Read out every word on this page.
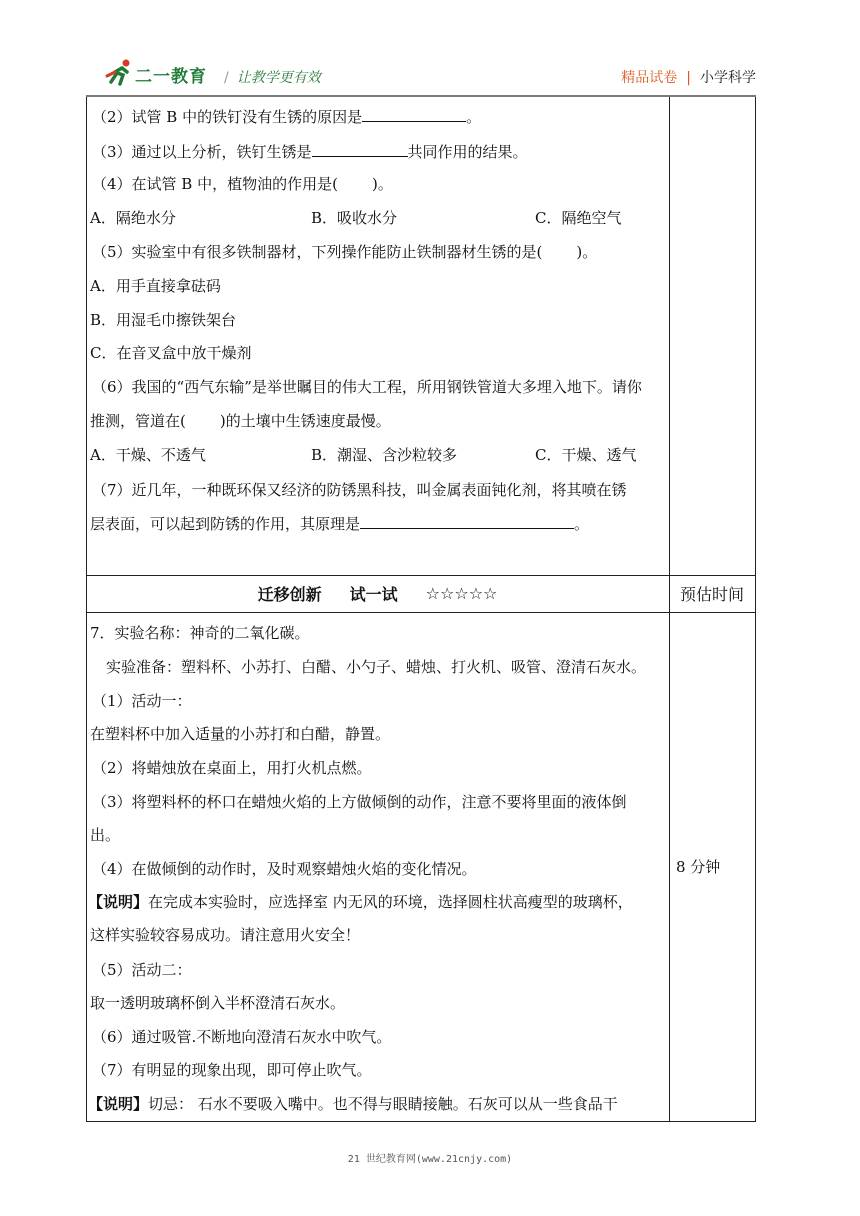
二一教育 / 让教学更有效	精品试卷 | 小学科学
（2）试管 B 中的铁钉没有生锈的原因是	。
（3）通过以上分析，铁钉生锈是	共同作用的结果。
（4）在试管 B 中，植物油的作用是( )。
A．隔绝水分	B．吸收水分	C．隔绝空气
（5）实验室中有很多铁制器材，下列操作能防止铁制器材生锈的是( )。
A．用手直接拿砝码
B．用湿毛巾擦铁架台
C．在音叉盒中放干燥剂
（6）我国的“西气东输”是举世瞩目的伟大工程，所用钢铁管道大多埋入地下。请你
推测，管道在( )的土壤中生锈速度最慢。
A．干燥、不透气	B．潮湿、含沙粒较多	C．干燥、透气
（7）近几年，一种既环保又经济的防锈黑科技，叫金属表面钝化剂，将其喷在锈
层表面，可以起到防锈的作用，其原理是	。
迁移创新 试一试 ☆☆☆☆☆	预估时间
7．实验名称：神奇的二氧化碳。
实验准备：塑料杯、小苏打、白醋、小勺子、蜡烛、打火机、吸管、澄清石灰水。
（1）活动一：
在塑料杯中加入适量的小苏打和白醋，静置。
（2）将蜡烛放在桌面上，用打火机点燃。
（3）将塑料杯的杯口在蜡烛火焰的上方做倾倒的动作，注意不要将里面的液体倒
出。
（4）在做倾倒的动作时，及时观察蜡烛火焰的变化情况。
【说明】在完成本实验时，应选择室 内无风的环境，选择圆柱状高瘦型的玻璃杯，
这样实验较容易成功。请注意用火安全！
（5）活动二：
取一透明玻璃杯倒入半杯澄清石灰水。
（6）通过吸管.不断地向澄清石灰水中吹气。
（7）有明显的现象出现，即可停止吹气。
【说明】切忌： 石水不要吸入嘴中。也不得与眼睛接触。石灰可以从一些食品干
8 分钟
21 世纪教育网(www.21cnjy.com)
